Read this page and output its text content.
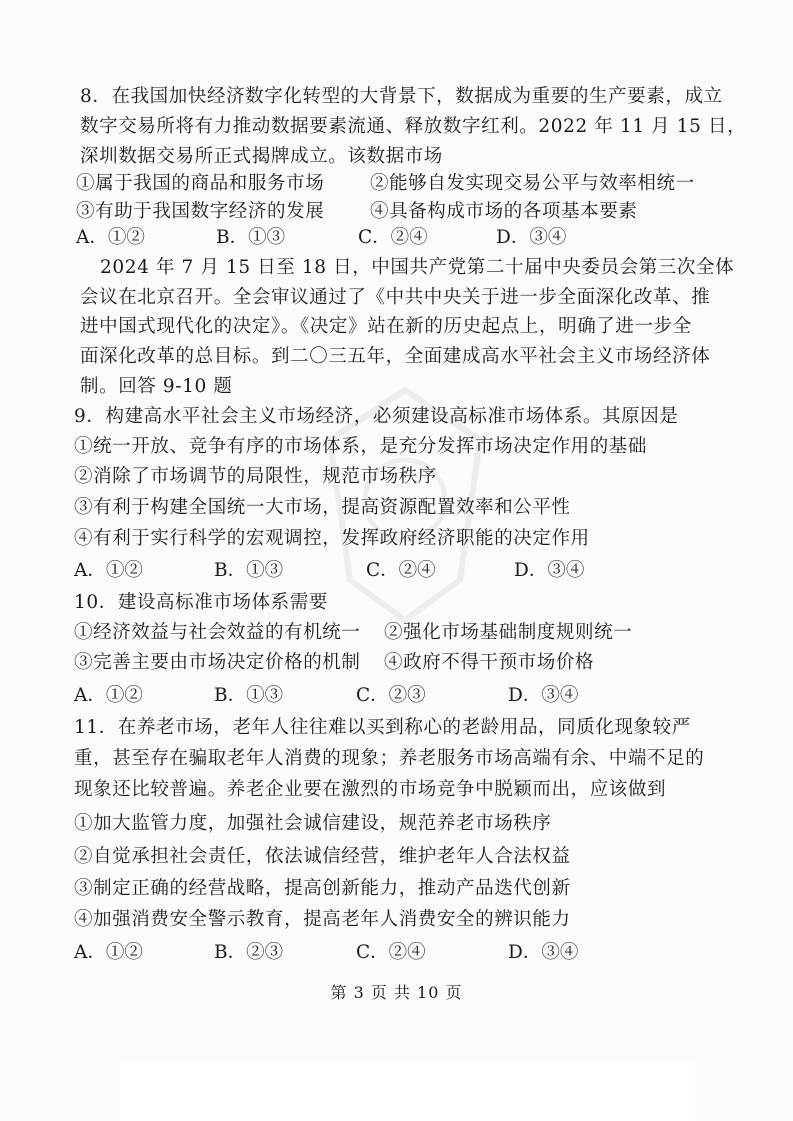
8．在我国加快经济数字化转型的大背景下，数据成为重要的生产要素，成立
数字交易所将有力推动数据要素流通、释放数字红利。2022 年 11 月 15 日，
深圳数据交易所正式揭牌成立。该数据市场
①属于我国的商品和服务市场 ②能够自发实现交易公平与效率相统一
③有助于我国数字经济的发展 ④具备构成市场的各项基本要素
A．①②	B．①③	C．②④	D．③④
2024 年 7 月 15 日至 18 日，中国共产党第二十届中央委员会第三次全体
会议在北京召开。全会审议通过了《中共中央关于进一步全面深化改革、推
进中国式现代化的决定》。《决定》站在新的历史起点上，明确了进一步全
面深化改革的总目标。到二〇三五年，全面建成高水平社会主义市场经济体
制。回答 9-10 题
9．构建高水平社会主义市场经济，必须建设高标准市场体系。其原因是
①统一开放、竞争有序的市场体系，是充分发挥市场决定作用的基础
②消除了市场调节的局限性，规范市场秩序
③有利于构建全国统一大市场，提高资源配置效率和公平性
④有利于实行科学的宏观调控，发挥政府经济职能的决定作用
A．①②	B．①③	C．②④	D．③④
10．建设高标准市场体系需要
①经济效益与社会效益的有机统一 ②强化市场基础制度规则统一
③完善主要由市场决定价格的机制 ④政府不得干预市场价格
A．①②	B．①③	C．②③	D．③④
11．在养老市场，老年人往往难以买到称心的老龄用品，同质化现象较严
重，甚至存在骗取老年人消费的现象；养老服务市场高端有余、中端不足的
现象还比较普遍。养老企业要在激烈的市场竞争中脱颖而出，应该做到
①加大监管力度，加强社会诚信建设，规范养老市场秩序
②自觉承担社会责任，依法诚信经营，维护老年人合法权益
③制定正确的经营战略，提高创新能力，推动产品迭代创新
④加强消费安全警示教育，提高老年人消费安全的辨识能力
A．①②	B．②③	C．②④	D．③④
第 3 页 共 10 页
